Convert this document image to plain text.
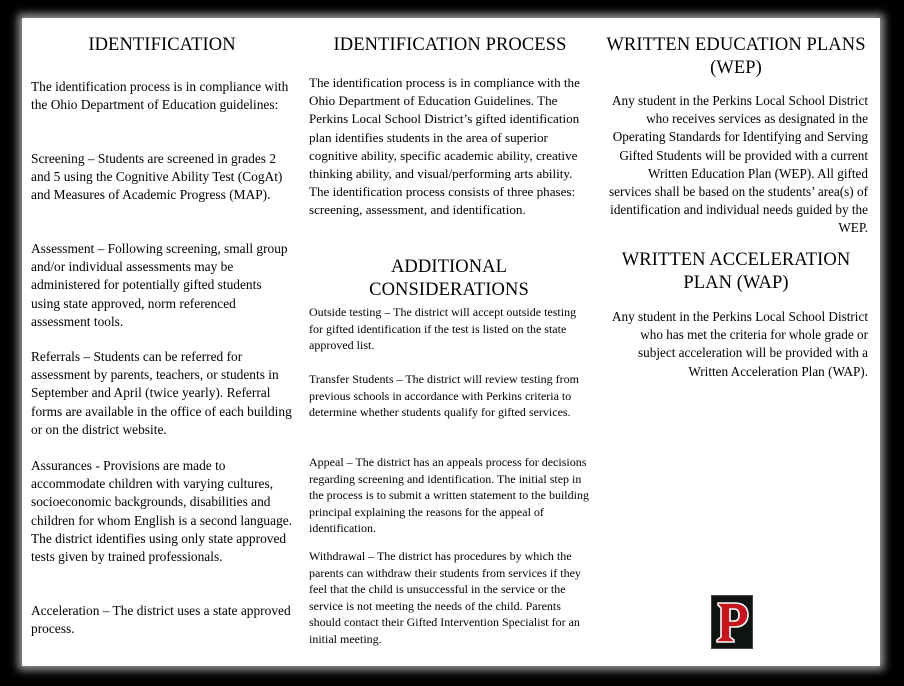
IDENTIFICATION

The identification process is in compliance with the Ohio Department of Education guidelines:

Screening – Students are screened in grades 2 and 5 using the Cognitive Ability Test (CogAt) and Measures of Academic Progress (MAP).

Assessment – Following screening, small group and/or individual assessments may be administered for potentially gifted students using state approved, norm referenced assessment tools.

Referrals – Students can be referred for assessment by parents, teachers, or students in September and April (twice yearly). Referral forms are available in the office of each building or on the district website.

Assurances - Provisions are made to accommodate children with varying cultures, socioeconomic backgrounds, disabilities and children for whom English is a second language. The district identifies using only state approved tests given by trained professionals.

Acceleration – The district uses a state approved process.

IDENTIFICATION PROCESS

The identification process is in compliance with the Ohio Department of Education Guidelines. The Perkins Local School District’s gifted identification plan identifies students in the area of superior cognitive ability, specific academic ability, creative thinking ability, and visual/performing arts ability. The identification process consists of three phases: screening, assessment, and identification.

ADDITIONAL CONSIDERATIONS

Outside testing – The district will accept outside testing for gifted identification if the test is listed on the state approved list.

Transfer Students – The district will review testing from previous schools in accordance with Perkins criteria to determine whether students qualify for gifted services.

Appeal – The district has an appeals process for decisions regarding screening and identification. The initial step in the process is to submit a written statement to the building principal explaining the reasons for the appeal of identification.

Withdrawal – The district has procedures by which the parents can withdraw their students from services if they feel that the child is unsuccessful in the service or the service is not meeting the needs of the child. Parents should contact their Gifted Intervention Specialist for an initial meeting.

WRITTEN EDUCATION PLANS (WEP)

Any student in the Perkins Local School District who receives services as designated in the Operating Standards for Identifying and Serving Gifted Students will be provided with a current Written Education Plan (WEP). All gifted services shall be based on the students’ area(s) of identification and individual needs guided by the WEP.

WRITTEN ACCELERATION PLAN (WAP)

Any student in the Perkins Local School District who has met the criteria for whole grade or subject acceleration will be provided with a Written Acceleration Plan (WAP).
